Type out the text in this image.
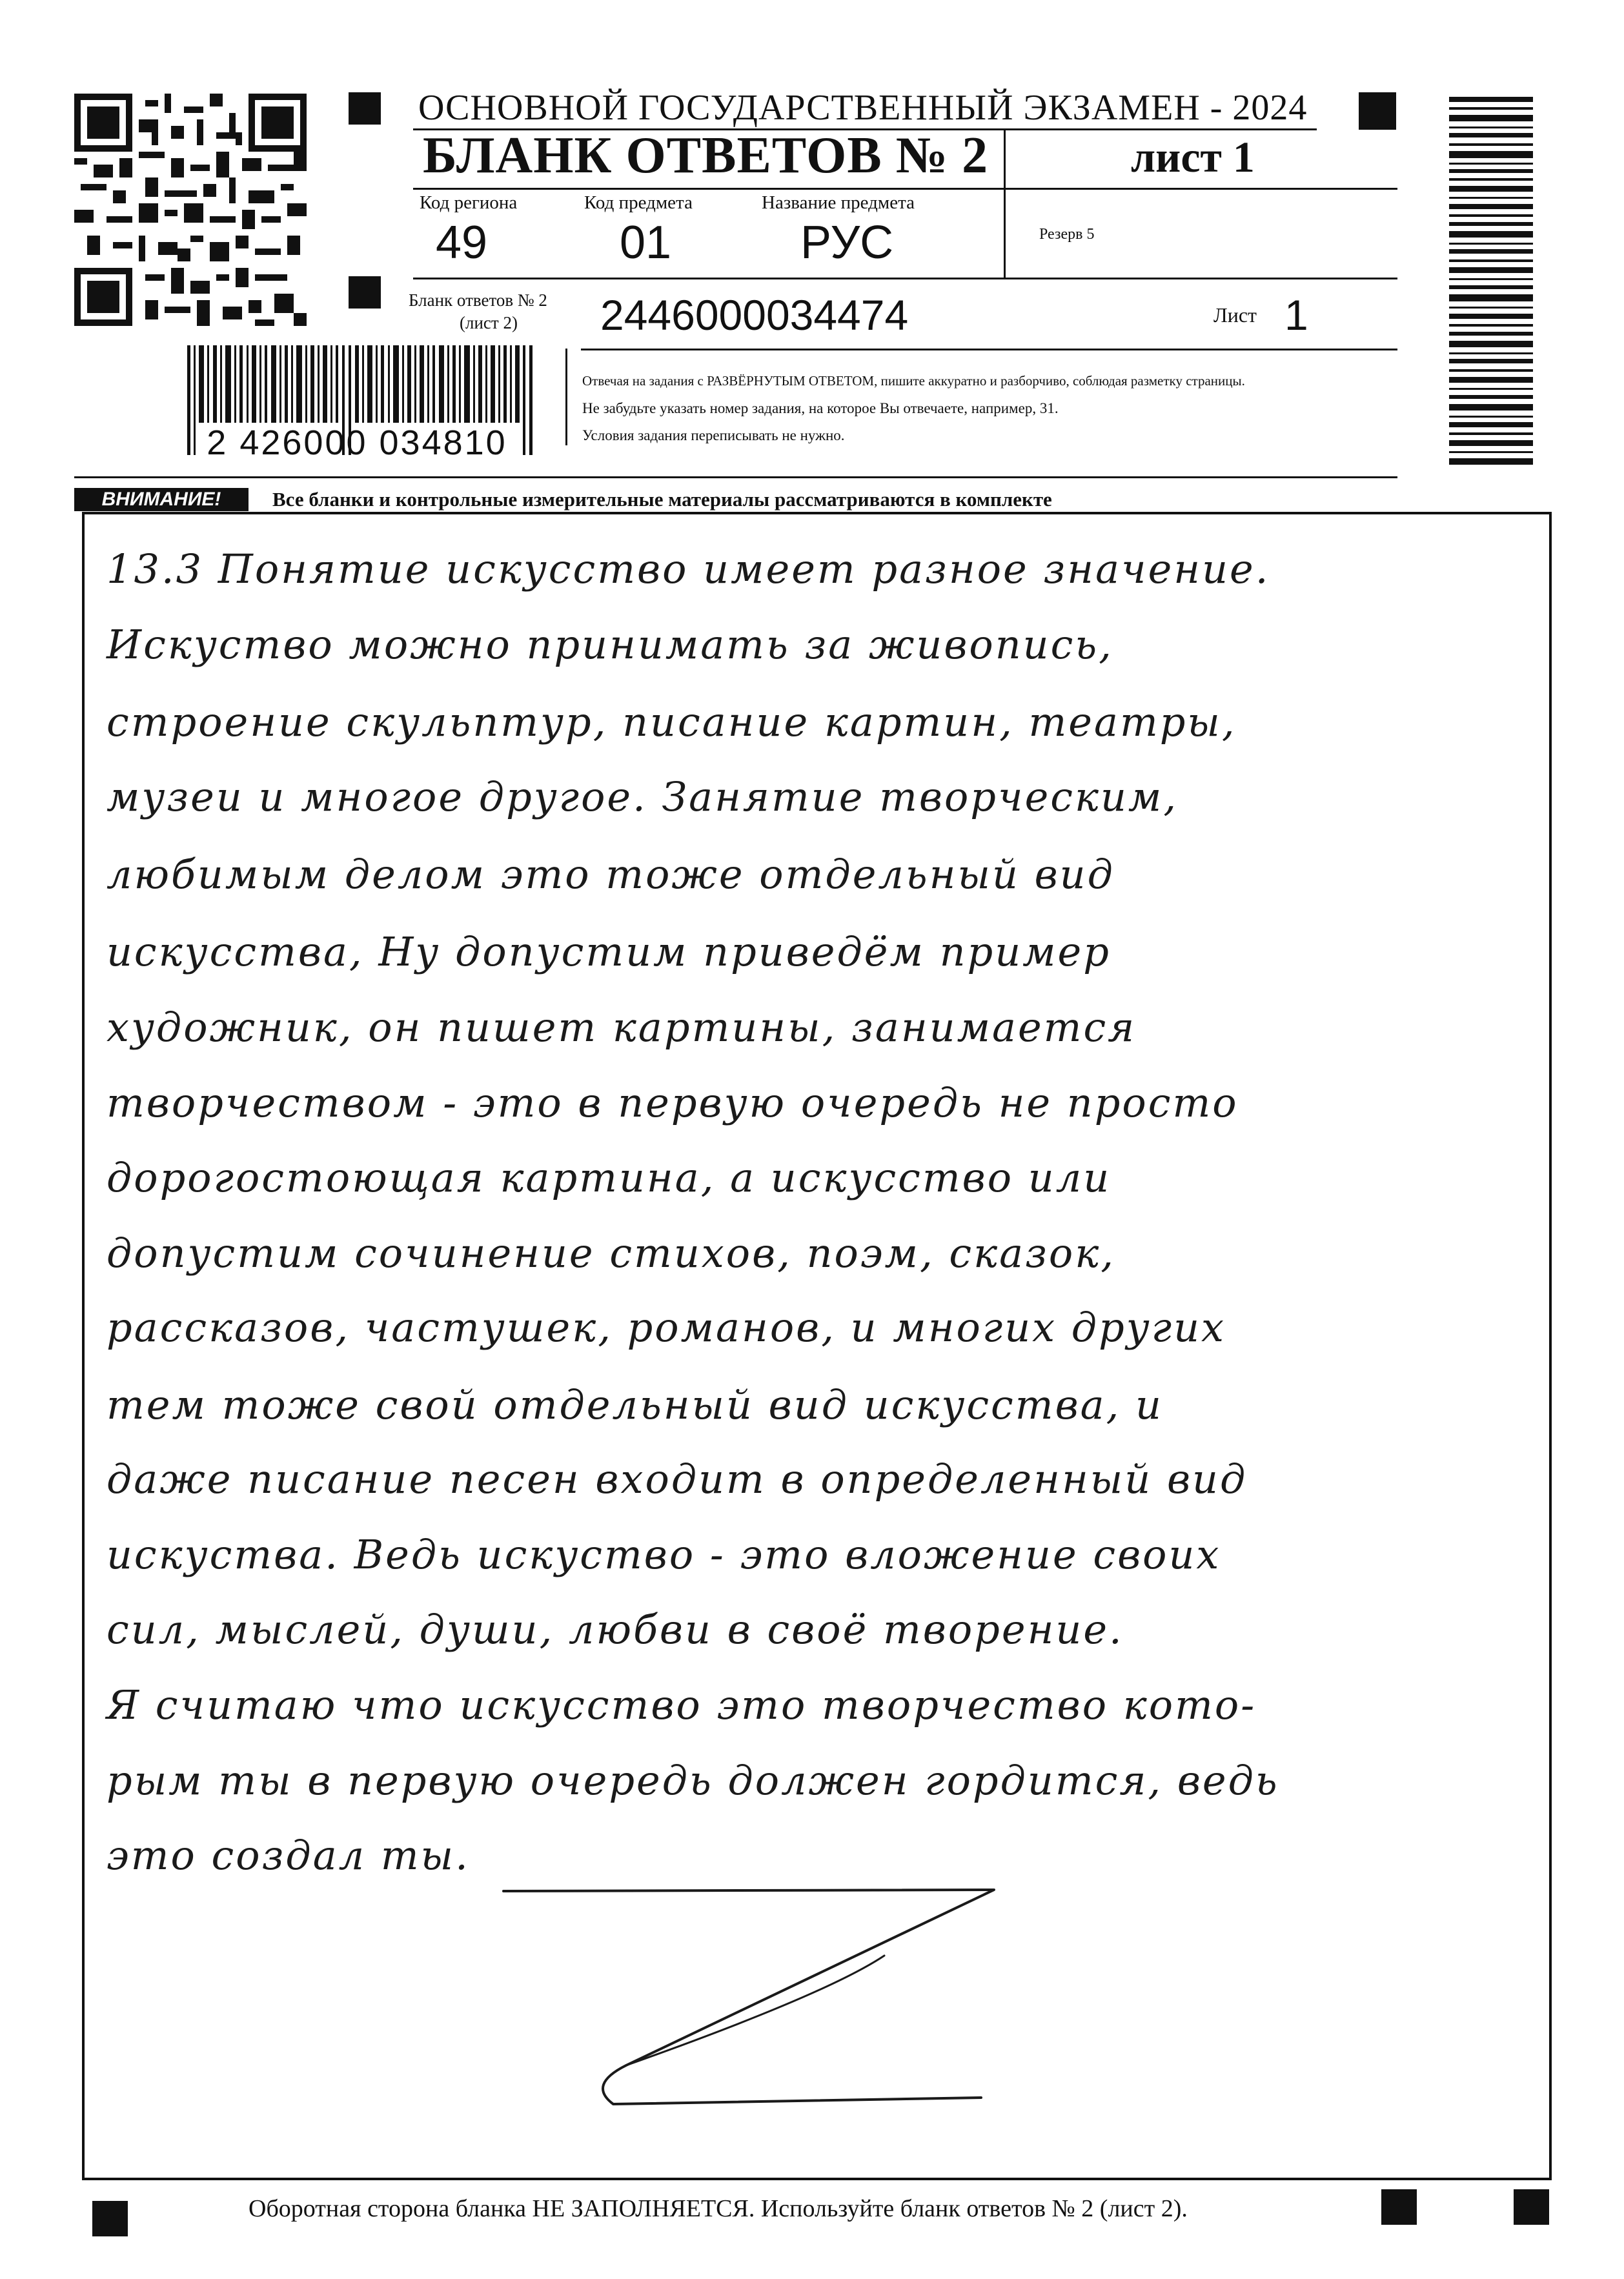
2 426000 034810
ОСНОВНОЙ ГОСУДАРСТВЕННЫЙ ЭКЗАМЕН - 2024
БЛАНК ОТВЕТОВ № 2	лист 1
Код региона
49
Код предмета
01
Название предмета
РУС	Резерв 5
Бланк ответов № 2
(лист 2) 2446000034474	Лист 1
Отвечая на задания с РАЗВЁРНУТЫМ ОТВЕТОМ, пишите аккуратно и разборчиво, соблюдая разметку страницы.
Не забудьте указать номер задания, на которое Вы отвечаете, например, 31.
Условия задания переписывать не нужно.
ВНИМАНИЕ!	Все бланки и контрольные измерительные материалы рассматриваются в комплекте
13.3 Понятие искусство имеет разное значение.
Искуство можно принимать за живопись,
строение скульптур, писание картин, театры,
музеи и многое другое. Занятие творческим,
любимым делом это тоже отдельный вид
искусства, Ну допустим приведём пример
художник, он пишет картины, занимается
творчеством - это в первую очередь не просто
дорогостоющая картина, а искусство или
допустим сочинение стихов, поэм, сказок,
рассказов, частушек, романов, и многих других
тем тоже свой отдельный вид искусства, и
даже писание песен входит в определенный вид
искуства. Ведь искуство - это вложение своих
сил, мыслей, души, любви в своё творение.
Я считаю что искусство это творчество кото-
рым ты в первую очередь должен гордится, ведь
это создал ты.
Оборотная сторона бланка НЕ ЗАПОЛНЯЕТСЯ. Используйте бланк ответов № 2 (лист 2).
